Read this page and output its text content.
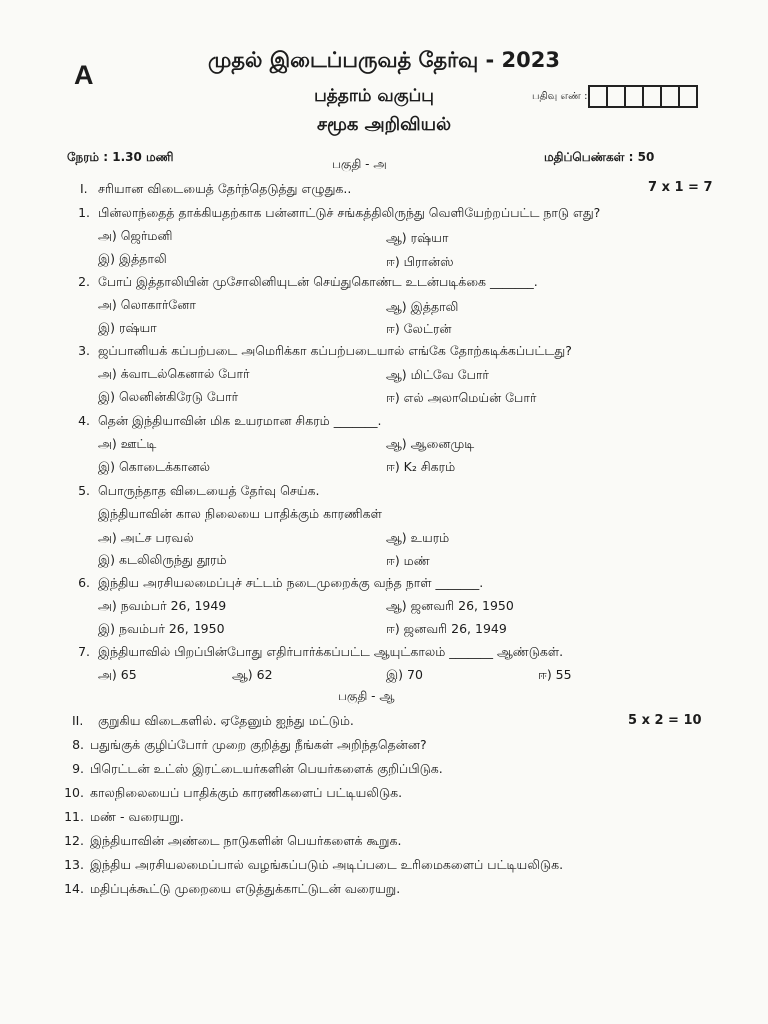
A	முதல் இடைப்பருவத் தேர்வு - 2023
பத்தாம் வகுப்பு
சமூக அறிவியல்
பதிவு எண் :
நேரம் : 1.30 மணி	மதிப்பெண்கள் : 50
பகுதி - அ
I. சரியான விடையைத் தேர்ந்தெடுத்து எழுதுக..	7 x 1 = 7
1. பின்லாந்தைத் தாக்கியதற்காக பன்னாட்டுச் சங்கத்திலிருந்து வெளியேற்றப்பட்ட நாடு எது?
அ) ஜெர்மனி	ஆ) ரஷ்யா
இ) இத்தாலி	ஈ) பிரான்ஸ்
2. போப் இத்தாலியின் முசோலினியுடன் செய்துகொண்ட உடன்படிக்கை _______.
அ) லொகார்னோ	ஆ) இத்தாலி
இ) ரஷ்யா	ஈ) லேட்ரன்
3. ஜப்பானியக் கப்பற்படை அமெரிக்கா கப்பற்படையால் எங்கே தோற்கடிக்கப்பட்டது?
அ) க்வாடல்கெனால் போர்	ஆ) மிட்வே போர்
இ) லெனின்கிரேடு போர்	ஈ) எல் அலாமெய்ன் போர்
4. தென் இந்தியாவின் மிக உயரமான சிகரம் _______.
அ) ஊட்டி	ஆ) ஆனைமுடி
இ) கொடைக்கானல்	ஈ) K₂ சிகரம்
5. பொருந்தாத விடையைத் தேர்வு செய்க.
இந்தியாவின் கால நிலையை பாதிக்கும் காரணிகள்
அ) அட்ச பரவல்	ஆ) உயரம்
இ) கடலிலிருந்து தூரம்	ஈ) மண்
6. இந்திய அரசியலமைப்புச் சட்டம் நடைமுறைக்கு வந்த நாள் _______.
அ) நவம்பர் 26, 1949	ஆ) ஜனவரி 26, 1950
இ) நவம்பர் 26, 1950	ஈ) ஜனவரி 26, 1949
7. இந்தியாவில் பிறப்பின்போது எதிர்பார்க்கப்பட்ட ஆயுட்காலம் _______ ஆண்டுகள்.
அ) 65	ஆ) 62	இ) 70	ஈ) 55
பகுதி - ஆ
II. குறுகிய விடைகளில். ஏதேனும் ஐந்து மட்டும்.	5 x 2 = 10
8. பதுங்குக் குழிப்போர் முறை குறித்து நீங்கள் அறிந்ததென்ன?
9. பிரெட்டன் உட்ஸ் இரட்டையர்களின் பெயர்களைக் குறிப்பிடுக.
10. காலநிலையைப் பாதிக்கும் காரணிகளைப் பட்டியலிடுக.
11. மண் - வரையறு.
12. இந்தியாவின் அண்டை நாடுகளின் பெயர்களைக் கூறுக.
13. இந்திய அரசியலமைப்பால் வழங்கப்படும் அடிப்படை உரிமைகளைப் பட்டியலிடுக.
14. மதிப்புக்கூட்டு முறையை எடுத்துக்காட்டுடன் வரையறு.
